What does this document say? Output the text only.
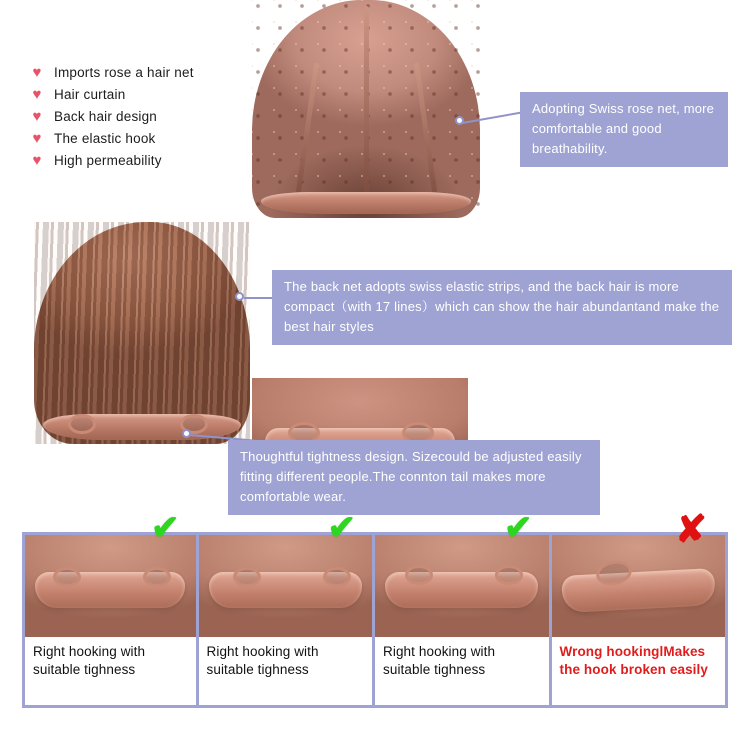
♥ Imports rose a hair net
♥ Hair curtain
♥ Back hair design
♥ The elastic hook
♥ High permeability
Adopting Swiss rose net, more comfortable and good breathability.
The back net adopts swiss elastic strips, and the back hair is more compact（with 17 lines）which can show the hair abundantand make the best hair styles
Thoughtful tightness design. Sizecould be adjusted easily fitting different people.The connton tail makes more comfortable wear.
✔
Right hooking with suitable tighness
✔
Right hooking with suitable tighness
✔
Right hooking with suitable tighness
✘
Wrong hookinglMakes the hook broken easily
